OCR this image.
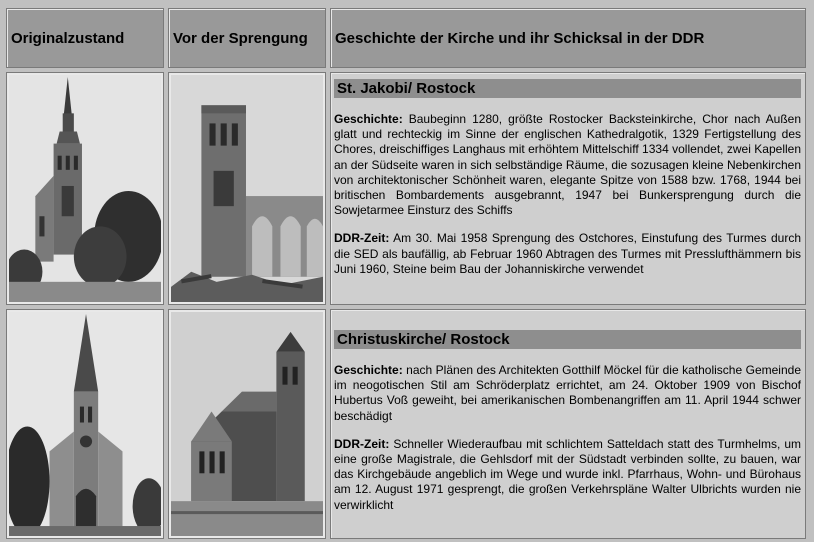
Originalzustand	Vor der Sprengung Geschichte der Kirche und ihr Schicksal in der DDR
St. Jakobi/ Rostock

Geschichte: Baubeginn 1280, größte Rostocker Backsteinkirche, Chor nach Außen glatt und rechteckig im Sinne der englischen Kathedralgotik, 1329 Fertigstellung des Chores, dreischiffiges Langhaus mit erhöhtem Mittelschiff 1334 vollendet, zwei Kapellen an der Südseite waren in sich selbständige Räume, die sozusagen kleine Nebenkirchen von architektonischer Schönheit waren, elegante Spitze von 1588 bzw. 1768, 1944 bei britischen Bombardements ausgebrannt, 1947 bei Bunkersprengung durch die Sowjetarmee Einsturz des Schiffs

DDR-Zeit: Am 30. Mai 1958 Sprengung des Ostchores, Einstufung des Turmes durch die SED als baufällig, ab Februar 1960 Abtragen des Turmes mit Presslufthämmern bis Juni 1960, Steine beim Bau der Johanniskirche verwendet

Christuskirche/ Rostock

Geschichte: nach Plänen des Architekten Gotthilf Möckel für die katholische Gemeinde im neogotischen Stil am Schröderplatz errichtet, am 24. Oktober 1909 von Bischof Hubertus Voß geweiht, bei amerikanischen Bombenangriffen am 11. April 1944 schwer beschädigt

DDR-Zeit: Schneller Wiederaufbau mit schlichtem Satteldach statt des Turmhelms, um eine große Magistrale, die Gehlsdorf mit der Südstadt verbinden sollte, zu bauen, war das Kirchgebäude angeblich im Wege und wurde inkl. Pfarrhaus, Wohn- und Bürohaus am 12. August 1971 gesprengt, die großen Verkehrspläne Walter Ulbrichts wurden nie verwirklicht
